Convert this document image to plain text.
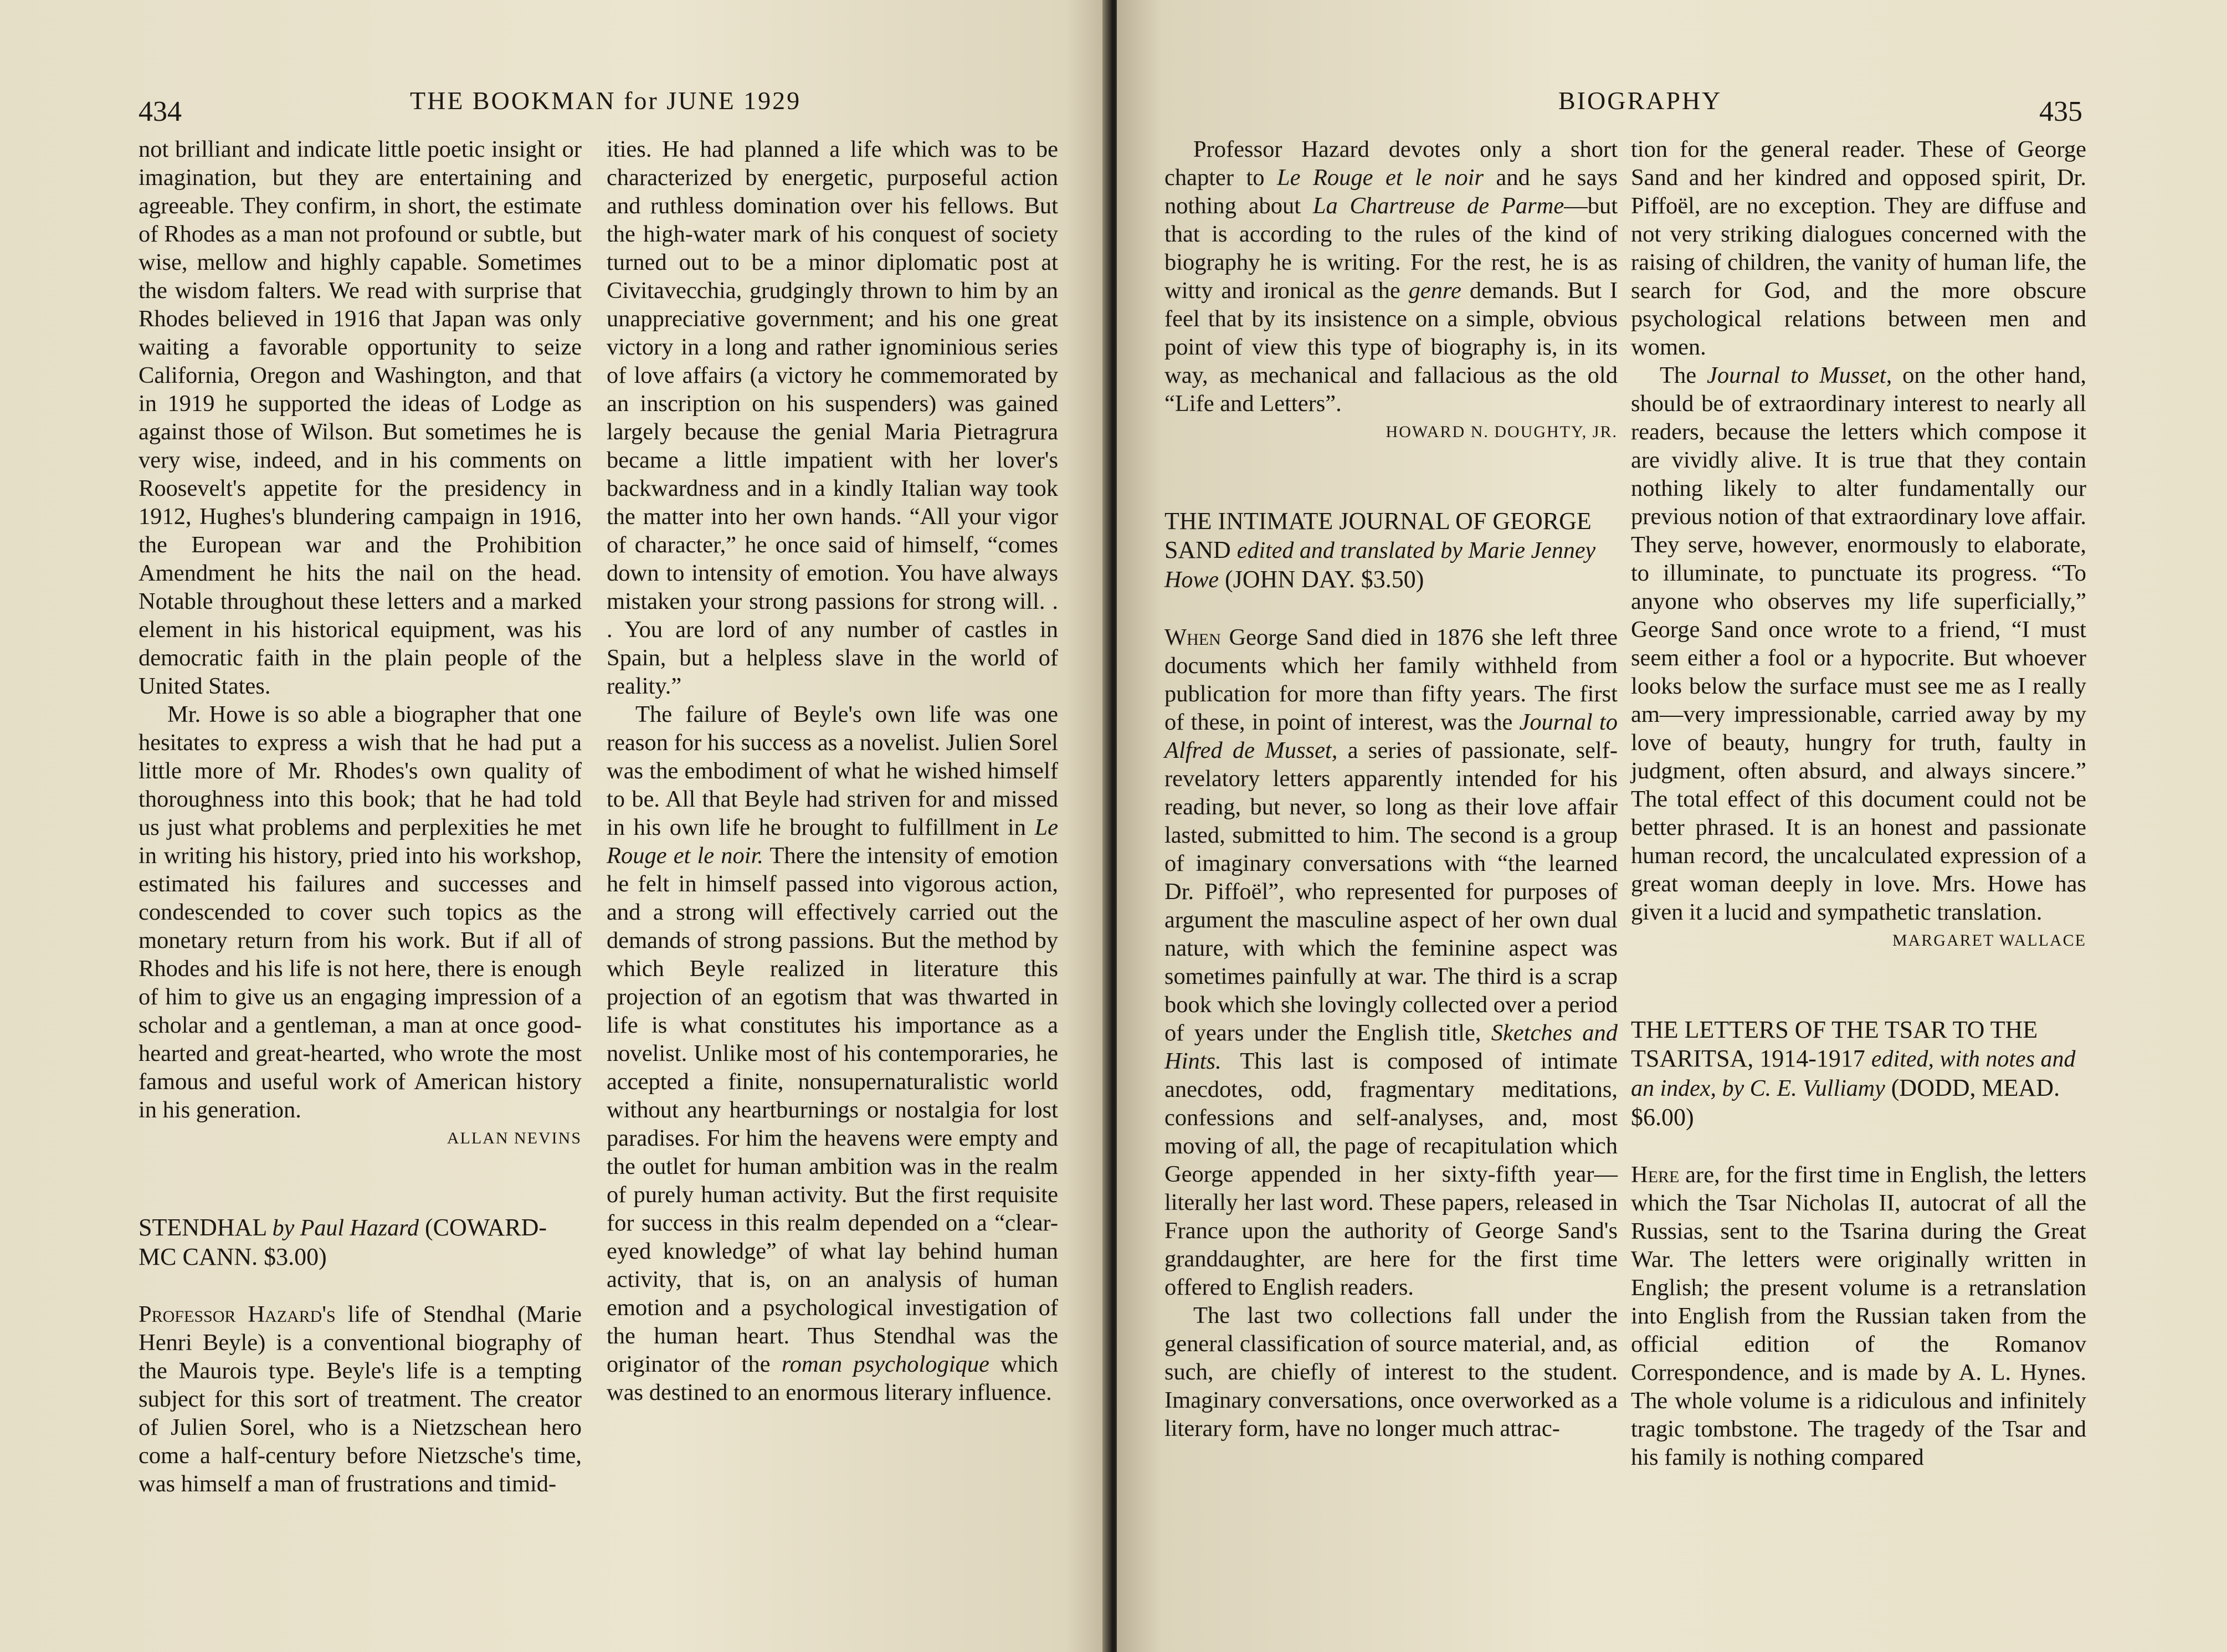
434	THE BOOKMAN for JUNE 1929

not brilliant and indicate little poetic insight or imagination, but they are entertaining and agreeable. They confirm, in short, the estimate of Rhodes as a man not profound or subtle, but wise, mellow and highly capable. Sometimes the wisdom falters. We read with surprise that Rhodes believed in 1916 that Japan was only waiting a favorable opportunity to seize California, Oregon and Washington, and that in 1919 he supported the ideas of Lodge as against those of Wilson. But sometimes he is very wise, indeed, and in his comments on Roosevelt's appetite for the presidency in 1912, Hughes's blundering campaign in 1916, the European war and the Prohibition Amendment he hits the nail on the head. Notable throughout these letters and a marked element in his historical equipment, was his democratic faith in the plain people of the United States.

Mr. Howe is so able a biographer that one hesitates to express a wish that he had put a little more of Mr. Rhodes's own quality of thoroughness into this book; that he had told us just what problems and perplexities he met in writing his history, pried into his workshop, estimated his failures and successes and condescended to cover such topics as the monetary return from his work. But if all of Rhodes and his life is not here, there is enough of him to give us an engaging impression of a scholar and a gentleman, a man at once good-hearted and great-hearted, who wrote the most famous and useful work of American history in his generation.

ALLAN NEVINS

STENDHAL by Paul Hazard (COWARD-MC CANN. $3.00)

Professor Hazard's life of Stendhal (Marie Henri Beyle) is a conventional biography of the Maurois type. Beyle's life is a tempting subject for this sort of treatment. The creator of Julien Sorel, who is a Nietzschean hero come a half-century before Nietzsche's time, was himself a man of frustrations and timid-

ities. He had planned a life which was to be characterized by energetic, purposeful action and ruthless domination over his fellows. But the high-water mark of his conquest of society turned out to be a minor diplomatic post at Civitavecchia, grudgingly thrown to him by an unappreciative government; and his one great victory in a long and rather ignominious series of love affairs (a victory he commemorated by an inscription on his suspenders) was gained largely because the genial Maria Pietragrura became a little impatient with her lover's backwardness and in a kindly Italian way took the matter into her own hands. “All your vigor of character,” he once said of himself, “comes down to intensity of emotion. You have always mistaken your strong passions for strong will. . . You are lord of any number of castles in Spain, but a helpless slave in the world of reality.”

The failure of Beyle's own life was one reason for his success as a novelist. Julien Sorel was the embodiment of what he wished himself to be. All that Beyle had striven for and missed in his own life he brought to fulfillment in Le Rouge et le noir. There the intensity of emotion he felt in himself passed into vigorous action, and a strong will effectively carried out the demands of strong passions. But the method by which Beyle realized in literature this projection of an egotism that was thwarted in life is what constitutes his importance as a novelist. Unlike most of his contemporaries, he accepted a finite, nonsupernaturalistic world without any heartburnings or nostalgia for lost paradises. For him the heavens were empty and the outlet for human ambition was in the realm of purely human activity. But the first requisite for success in this realm depended on a “clear-eyed knowledge” of what lay behind human activity, that is, on an analysis of human emotion and a psychological investigation of the human heart. Thus Stendhal was the originator of the roman psychologique which was destined to an enormous literary influence.

BIOGRAPHY	435

Professor Hazard devotes only a short chapter to Le Rouge et le noir and he says nothing about La Chartreuse de Parme—but that is according to the rules of the kind of biography he is writing. For the rest, he is as witty and ironical as the genre demands. But I feel that by its insistence on a simple, obvious point of view this type of biography is, in its way, as mechanical and fallacious as the old “Life and Letters”.

HOWARD N. DOUGHTY, JR.

THE INTIMATE JOURNAL OF GEORGE SAND edited and translated by Marie Jenney Howe (JOHN DAY. $3.50)

When George Sand died in 1876 she left three documents which her family withheld from publication for more than fifty years. The first of these, in point of interest, was the Journal to Alfred de Musset, a series of passionate, self-revelatory letters apparently intended for his reading, but never, so long as their love affair lasted, submitted to him. The second is a group of imaginary conversations with “the learned Dr. Piffoël”, who represented for purposes of argument the masculine aspect of her own dual nature, with which the feminine aspect was sometimes painfully at war. The third is a scrap book which she lovingly collected over a period of years under the English title, Sketches and Hints. This last is composed of intimate anecdotes, odd, fragmentary meditations, confessions and self-analyses, and, most moving of all, the page of recapitulation which George appended in her sixty-fifth year—literally her last word. These papers, released in France upon the authority of George Sand's granddaughter, are here for the first time offered to English readers.

The last two collections fall under the general classification of source material, and, as such, are chiefly of interest to the student. Imaginary conversations, once overworked as a literary form, have no longer much attrac-

tion for the general reader. These of George Sand and her kindred and opposed spirit, Dr. Piffoël, are no exception. They are diffuse and not very striking dialogues concerned with the raising of children, the vanity of human life, the search for God, and the more obscure psychological relations between men and women.

The Journal to Musset, on the other hand, should be of extraordinary interest to nearly all readers, because the letters which compose it are vividly alive. It is true that they contain nothing likely to alter fundamentally our previous notion of that extraordinary love affair. They serve, however, enormously to elaborate, to illuminate, to punctuate its progress. “To anyone who observes my life superficially,” George Sand once wrote to a friend, “I must seem either a fool or a hypocrite. But whoever looks below the surface must see me as I really am—very impressionable, carried away by my love of beauty, hungry for truth, faulty in judgment, often absurd, and always sincere.” The total effect of this document could not be better phrased. It is an honest and passionate human record, the uncalculated expression of a great woman deeply in love. Mrs. Howe has given it a lucid and sympathetic translation.

MARGARET WALLACE

THE LETTERS OF THE TSAR TO THE TSARITSA, 1914-1917 edited, with notes and an index, by C. E. Vulliamy (DODD, MEAD. $6.00)

Here are, for the first time in English, the letters which the Tsar Nicholas II, autocrat of all the Russias, sent to the Tsarina during the Great War. The letters were originally written in English; the present volume is a retranslation into English from the Russian taken from the official edition of the Romanov Correspondence, and is made by A. L. Hynes. The whole volume is a ridiculous and infinitely tragic tombstone. The tragedy of the Tsar and his family is nothing compared
